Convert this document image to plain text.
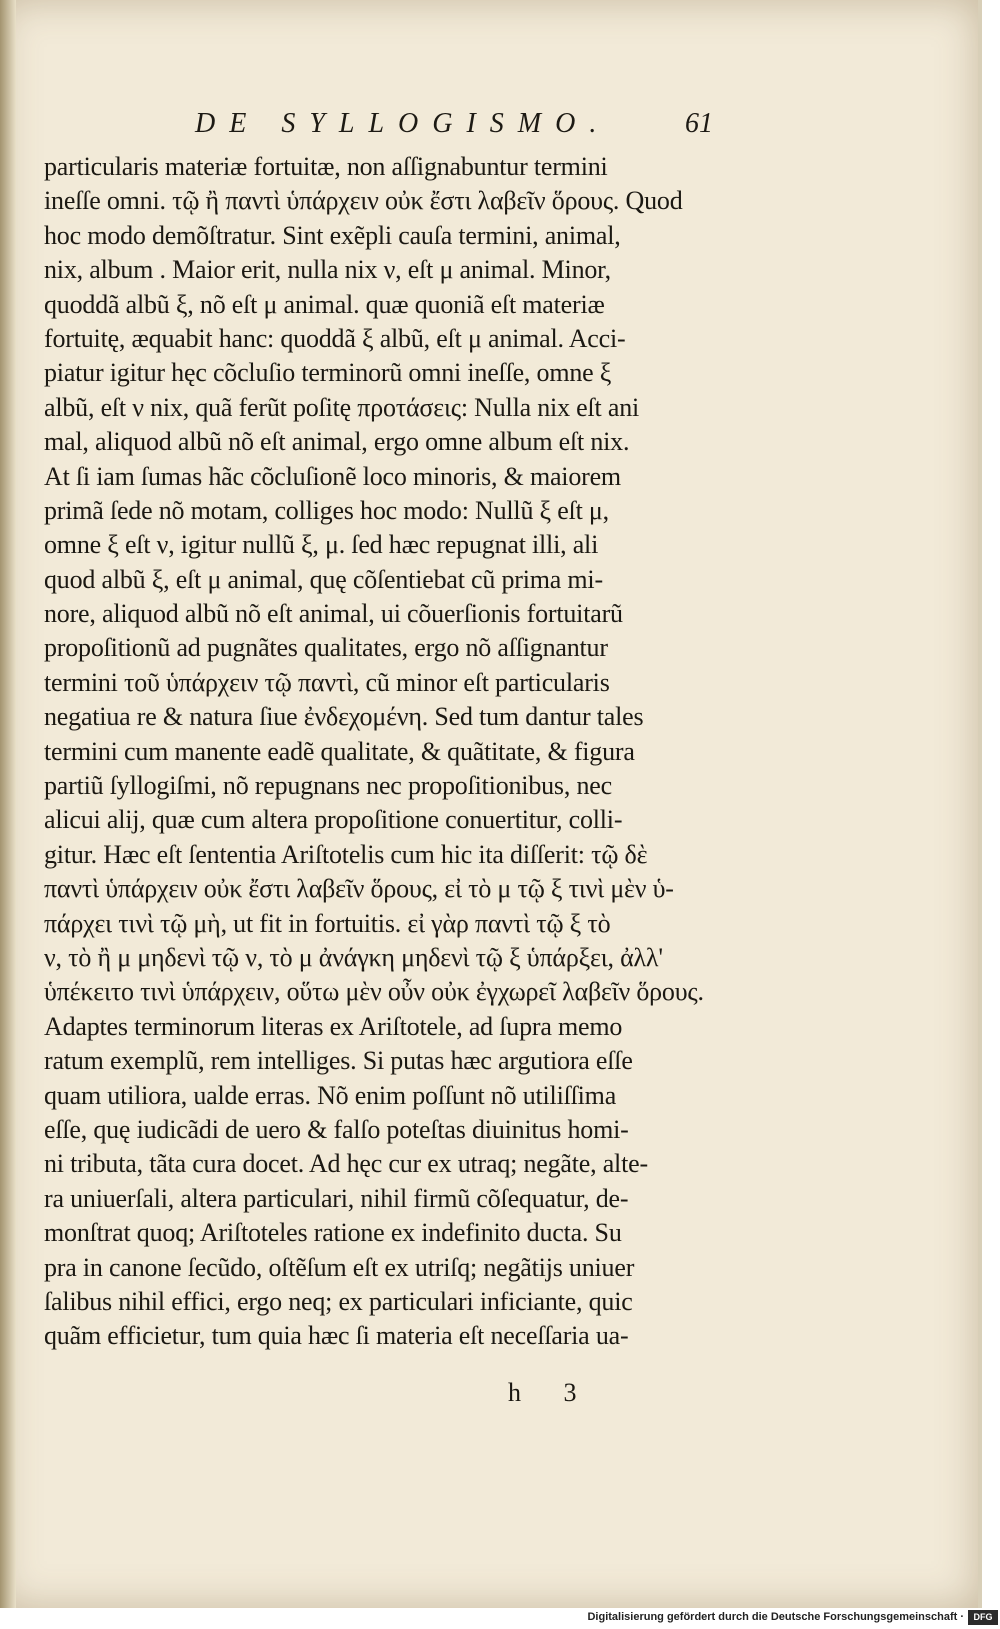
DE SYLLOGISMO.	61
particularis materiæ fortuitæ, non aſſignabuntur termini
ineſſe omni. τῷ ἢ παντὶ ὑπάρχειν οὐκ ἔστι λαβεῖν ὅρους. Quod
hoc modo demõſtratur. Sint exẽpli cauſa termini, animal,
nix, album . Maior erit, nulla nix ν, eſt μ animal. Minor,
quoddã albũ ξ, nõ eſt μ animal. quæ quoniã eſt materiæ
fortuitę, æquabit hanc: quoddã ξ albũ, eſt μ animal. Acci-
piatur igitur hęc cõcluſio terminorũ omni ineſſe, omne ξ
albũ, eſt ν nix, quã ferũt poſitę προτάσεις: Nulla nix eſt ani
mal, aliquod albũ nõ eſt animal, ergo omne album eſt nix.
At ſi iam ſumas hãc cõcluſionẽ loco minoris, & maiorem
primã ſede nõ motam, colliges hoc modo: Nullũ ξ eſt μ,
omne ξ eſt ν, igitur nullũ ξ, μ. ſed hæc repugnat illi, ali
quod albũ ξ, eſt μ animal, quę cõſentiebat cũ prima mi-
nore, aliquod albũ nõ eſt animal, ui cõuerſionis fortuitarũ
propoſitionũ ad pugnãtes qualitates, ergo nõ aſſignantur
termini τοῦ ὑπάρχειν τῷ παντὶ, cũ minor eſt particularis
negatiua re & natura ſiue ἐνδεχομένη. Sed tum dantur tales
termini cum manente eadẽ qualitate, & quãtitate, & figura
partiũ ſyllogiſmi, nõ repugnans nec propoſitionibus, nec
alicui alij, quæ cum altera propoſitione conuertitur, colli-
gitur. Hæc eſt ſententia Ariſtotelis cum hic ita diſſerit: τῷ δὲ
παντὶ ὑπάρχειν οὐκ ἔστι λαβεῖν ὅρους, εἰ τὸ μ τῷ ξ τινὶ μὲν ὑ-
πάρχει τινὶ τῷ μὴ, ut fit in fortuitis. εἰ γὰρ παντὶ τῷ ξ τὸ
ν, τὸ ἢ μ μηδενὶ τῷ ν, τὸ μ ἀνάγκη μηδενὶ τῷ ξ ὑπάρξει, ἀλλ'
ὑπέκειτο τινὶ ὑπάρχειν, οὕτω μὲν οὖν οὐκ ἐγχωρεῖ λαβεῖν ὅρους.
Adaptes terminorum literas ex Ariſtotele, ad ſupra memo
ratum exemplũ, rem intelliges. Si putas hæc argutiora eſſe
quam utiliora, ualde erras. Nõ enim poſſunt nõ utiliſſima
eſſe, quę iudicãdi de uero & falſo poteſtas diuinitus homi-
ni tributa, tãta cura docet. Ad hęc cur ex utraq; negãte, alte-
ra uniuerſali, altera particulari, nihil firmũ cõſequatur, de-
monſtrat quoq; Ariſtoteles ratione ex indefinito ducta. Su
pra in canone ſecũdo, oſtẽſum eſt ex utriſq; negãtijs uniuer
ſalibus nihil effici, ergo neq; ex particulari inficiante, quic
quãm efficietur, tum quia hæc ſi materia eſt neceſſaria ua-
h 3
Digitalisierung gefördert durch die Deutsche Forschungsgemeinschaft ·	DFG
